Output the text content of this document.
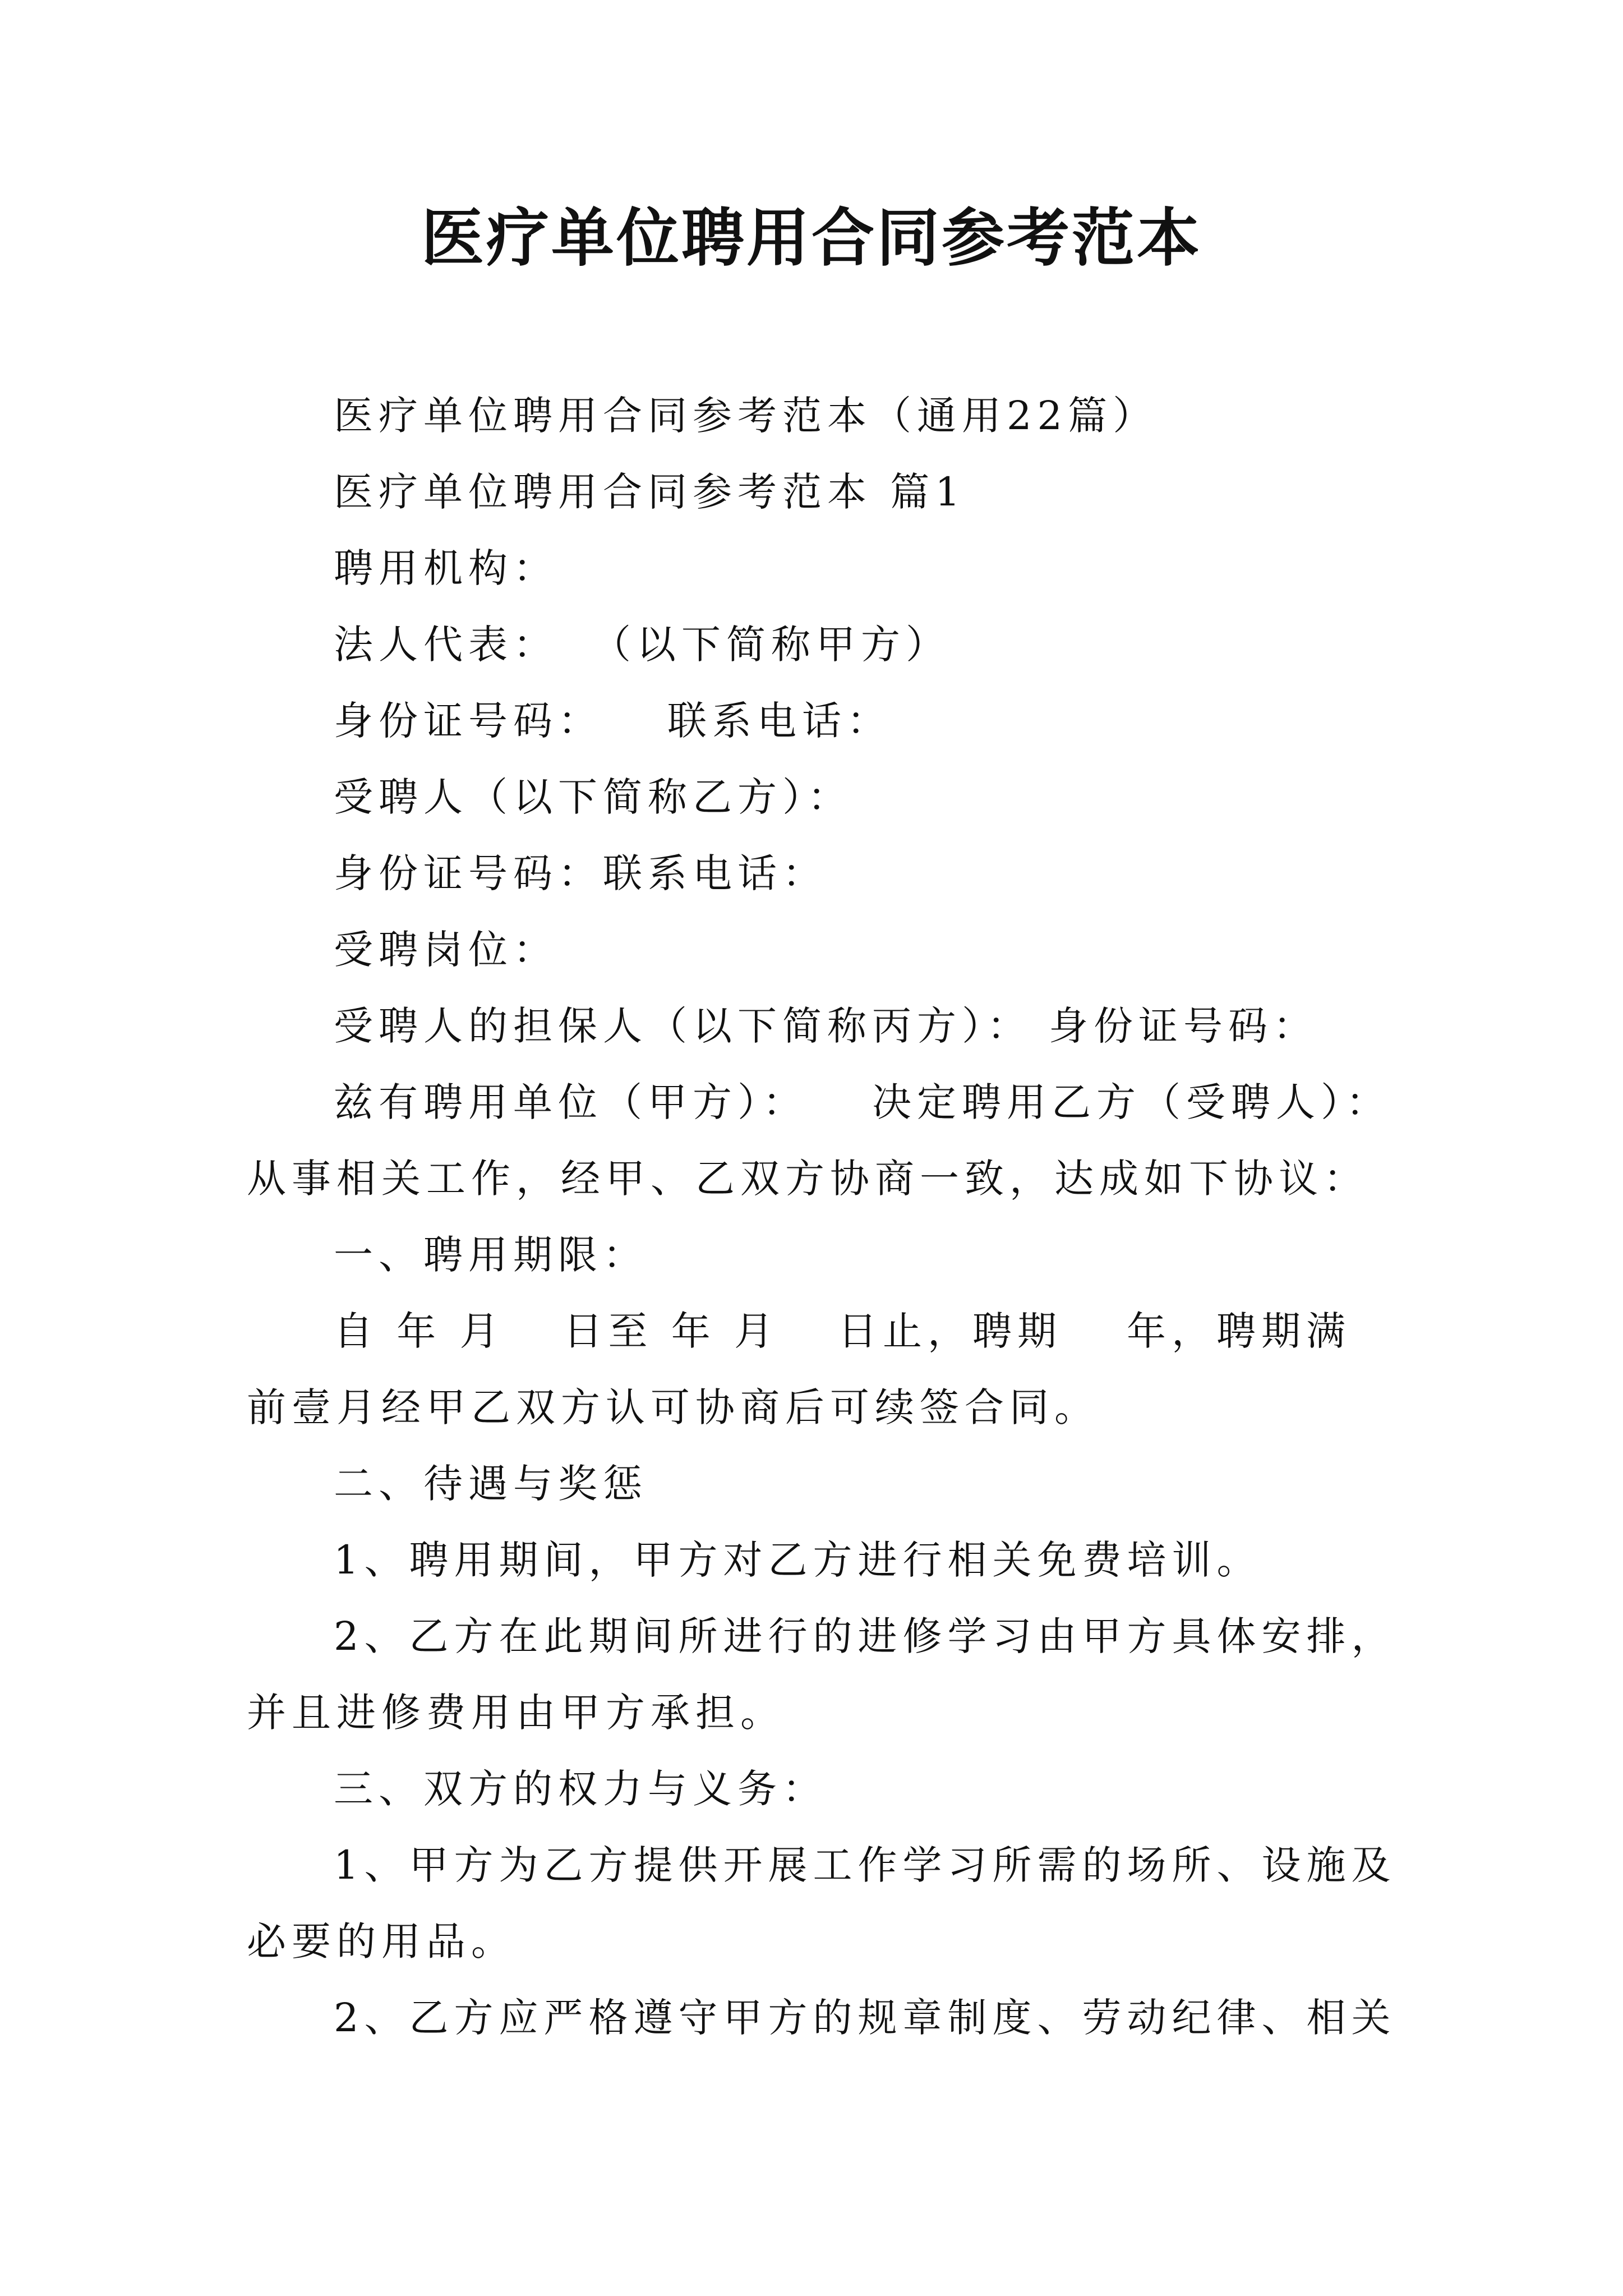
医疗单位聘用合同参考范本
医疗单位聘用合同参考范本（通用22篇）
医疗单位聘用合同参考范本 篇1
聘用机构：
法人代表： （以下简称甲方）
身份证号码： 联系电话：
受聘人（以下简称乙方）：
身份证号码：联系电话：
受聘岗位：
受聘人的担保人（以下简称丙方）： 身份证号码：
兹有聘用单位（甲方）： 决定聘用乙方（受聘人）：
从事相关工作，经甲、乙双方协商一致，达成如下协议：
一、聘用期限：
自 年 月 日至 年 月 日止，聘期 年，聘期满
前壹月经甲乙双方认可协商后可续签合同。
二、待遇与奖惩
1、聘用期间，甲方对乙方进行相关免费培训。
2、乙方在此期间所进行的进修学习由甲方具体安排，
并且进修费用由甲方承担。
三、双方的权力与义务：
1、甲方为乙方提供开展工作学习所需的场所、设施及
必要的用品。
2、乙方应严格遵守甲方的规章制度、劳动纪律、相关
